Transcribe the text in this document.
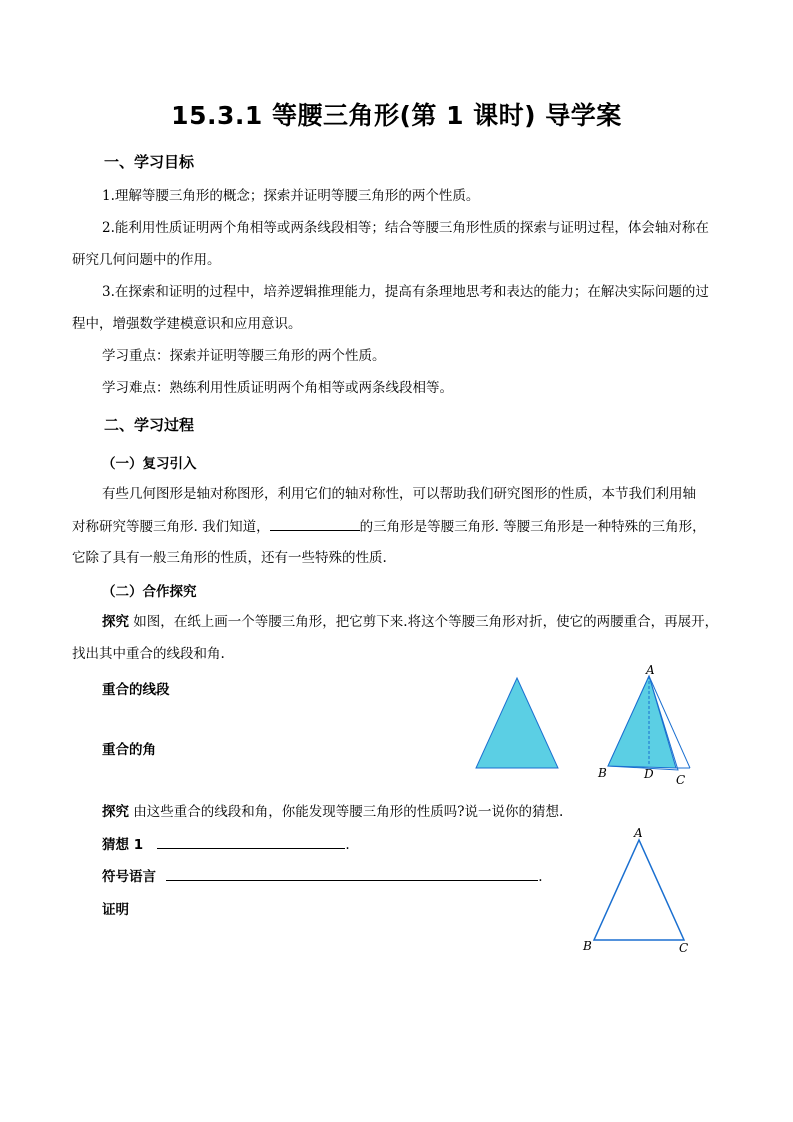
15.3.1 等腰三角形(第 1 课时) 导学案
一、学习目标
1.理解等腰三角形的概念；探索并证明等腰三角形的两个性质。
2.能利用性质证明两个角相等或两条线段相等；结合等腰三角形性质的探索与证明过程，体会轴对称在
研究几何问题中的作用。
3.在探索和证明的过程中，培养逻辑推理能力，提高有条理地思考和表达的能力；在解决实际问题的过
程中，增强数学建模意识和应用意识。
学习重点：探索并证明等腰三角形的两个性质。
学习难点：熟练利用性质证明两个角相等或两条线段相等。
二、学习过程
（一）复习引入
有些几何图形是轴对称图形，利用它们的轴对称性，可以帮助我们研究图形的性质，本节我们利用轴
对称研究等腰三角形. 我们知道，	的三角形是等腰三角形. 等腰三角形是一种特殊的三角形，
它除了具有一般三角形的性质，还有一些特殊的性质.
（二）合作探究
探究 如图，在纸上画一个等腰三角形，把它剪下来.将这个等腰三角形对折，使它的两腰重合，再展开，
找出其中重合的线段和角.
重合的线段
重合的角
A
B	D C
探究 由这些重合的线段和角，你能发现等腰三角形的性质吗?说一说你的猜想.
猜想 1	.
符号语言	.
证明
A
B	C
